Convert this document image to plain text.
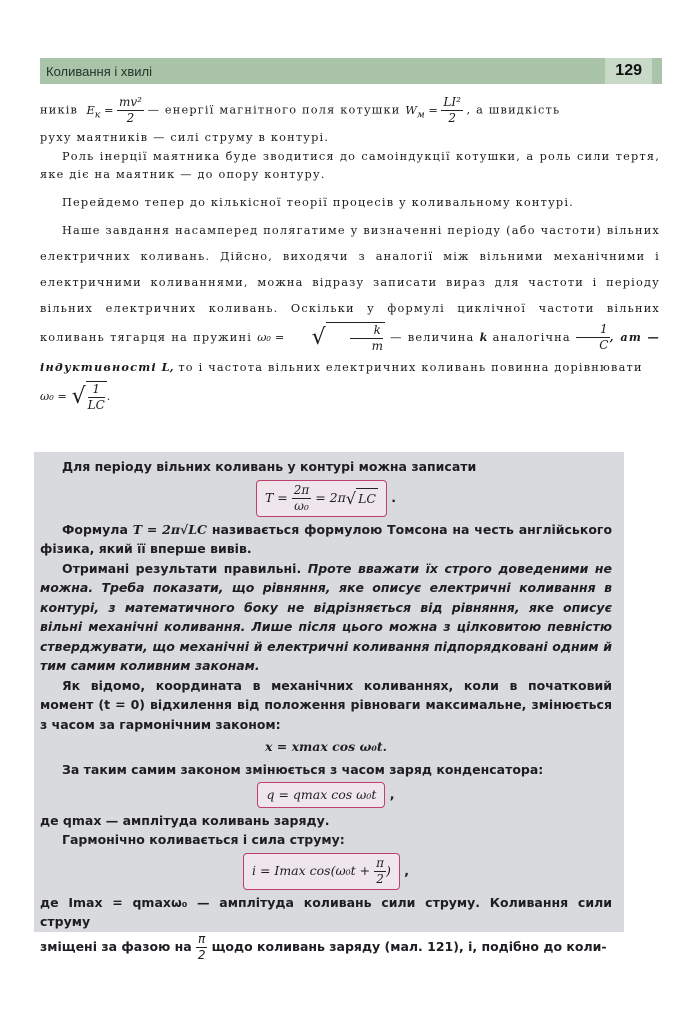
Коливання і хвилі	129

ників $E_к = \frac{\text{mv²}}{2}$ — енергії магнітного поля котушки $W_м = \frac{\text{LI²}}{2}$ , а швидкість

руху маятників — силі струму в контурі.

Роль інерції маятника буде зводитися до самоіндукції котушки, а роль сили тертя, яке діє на маятник — до опору контуру.

Перейдемо тепер до кількісної теорії процесів у коливальному контурі.

Наше завдання насамперед полягатиме у визначенні періоду (або частоти) вільних електричних коливань. Дійсно, виходячи з аналогії між вільними механічними і електричними коливаннями, можна відразу записати вираз для частоти і періоду вільних електричних коливань. Оскільки у формулі циклічної частоти вільних коливань тягарця на пружині ω₀ = √ $\frac{k}{m}$ — величина k аналогічна $\frac{1}{C}$ , ат — індуктивності L, то і частота вільних електричних коливань повинна дорівнювати

ω₀ = √ $\frac{1}{LC}$ .

Для періоду вільних коливань у контурі можна записати

$T = \frac{2\pi}{\text{ω₀}} = 2\pi√$ LC .

Формула T = 2π√LC називається формулою Томсона на честь англійського фізика, який її вперше вивів.

Отримані результати правильні. Проте вважати їх строго доведеними не можна. Треба показати, що рівняння, яке описує електричні коливання в контурі, з математичного боку не відрізняється від рівняння, яке описує вільні механічні коливання. Лише після цього можна з цілковитою певністю стверджувати, що механічні й електричні коливання підпорядковані одним й тим самим коливним законам.

Як відомо, координата в механічних коливаннях, коли в початковий момент (t = 0) відхилення від положення рівноваги максимальне, змінюється з часом за гармонічним законом:

x = xmax cos ω₀t.

За таким самим законом змінюється з часом заряд конденсатора:

q = qmax cos ω₀t ,

де qmax — амплітуда коливань заряду.

Гармонічно коливається і сила струму:

i = Imax $\cos(\omega_0t + \frac{\pi}{2}$ ) ,

де Imax = qmaxω₀ — амплітуда коливань сили струму. Коливання сили струму

зміщені за фазою на $\frac{\pi}{2}$ щодо коливань заряду (мал. 121), і, подібно до коли-
